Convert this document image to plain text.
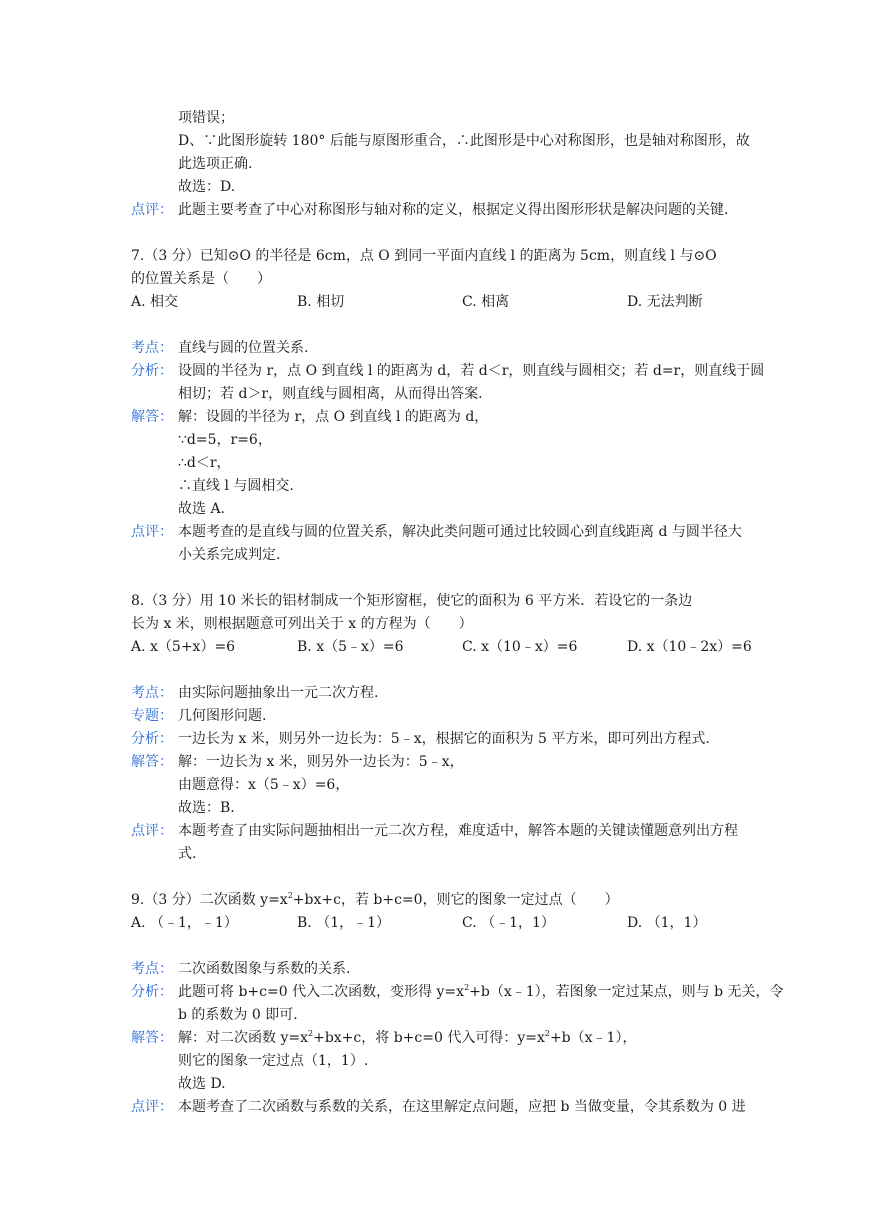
项错误；
D、∵此图形旋转 180° 后能与原图形重合，∴此图形是中心对称图形，也是轴对称图形，故
此选项正确.
故选：D.
点评： 此题主要考查了中心对称图形与轴对称的定义，根据定义得出图形形状是解决问题的关键.
7.（3 分）已知⊙O 的半径是 6cm，点 O 到同一平面内直线 l 的距离为 5cm，则直线 l 与⊙O
的位置关系是（　　）
A. 相交	B. 相切	C. 相离	D. 无法判断
考点： 直线与圆的位置关系.
分析： 设圆的半径为 r，点 O 到直线 l 的距离为 d，若 d＜r，则直线与圆相交；若 d=r，则直线于圆
相切；若 d＞r，则直线与圆相离，从而得出答案.
解答： 解：设圆的半径为 r，点 O 到直线 l 的距离为 d，
∵d=5，r=6，
∴d＜r，
∴直线 l 与圆相交.
故选 A.
点评： 本题考查的是直线与圆的位置关系，解决此类问题可通过比较圆心到直线距离 d 与圆半径大
小关系完成判定.
8.（3 分）用 10 米长的铝材制成一个矩形窗框，使它的面积为 6 平方米．若设它的一条边
长为 x 米，则根据题意可列出关于 x 的方程为（　　）
A. x（5+x）=6	B. x（5﹣x）=6	C. x（10﹣x）=6	D. x（10﹣2x）=6
考点： 由实际问题抽象出一元二次方程.
专题： 几何图形问题.
分析： 一边长为 x 米，则另外一边长为：5﹣x，根据它的面积为 5 平方米，即可列出方程式.
解答： 解：一边长为 x 米，则另外一边长为：5﹣x，
由题意得：x（5﹣x）=6，
故选：B.
点评： 本题考查了由实际问题抽相出一元二次方程，难度适中，解答本题的关键读懂题意列出方程
式.
9.（3 分）二次函数 $y=x^2+bx+c$，若 b+c=0，则它的图象一定过点（　　）
A. （﹣1，﹣1）	B. （1，﹣1）	C. （﹣1，1）	D. （1，1）
考点： 二次函数图象与系数的关系.
分析： 此题可将 b+c=0 代入二次函数，变形得 $y=x^2+b(x﹣1)$，若图象一定过某点，则与 b 无关，令
b 的系数为 0 即可.
解答： 解：对二次函数 $y=x^2+bx+c$，将 b+c=0 代入可得：$y=x^2+b(x﹣1)$，
则它的图象一定过点（1，1）.
故选 D.
点评： 本题考查了二次函数与系数的关系，在这里解定点问题，应把 b 当做变量，令其系数为 0 进
